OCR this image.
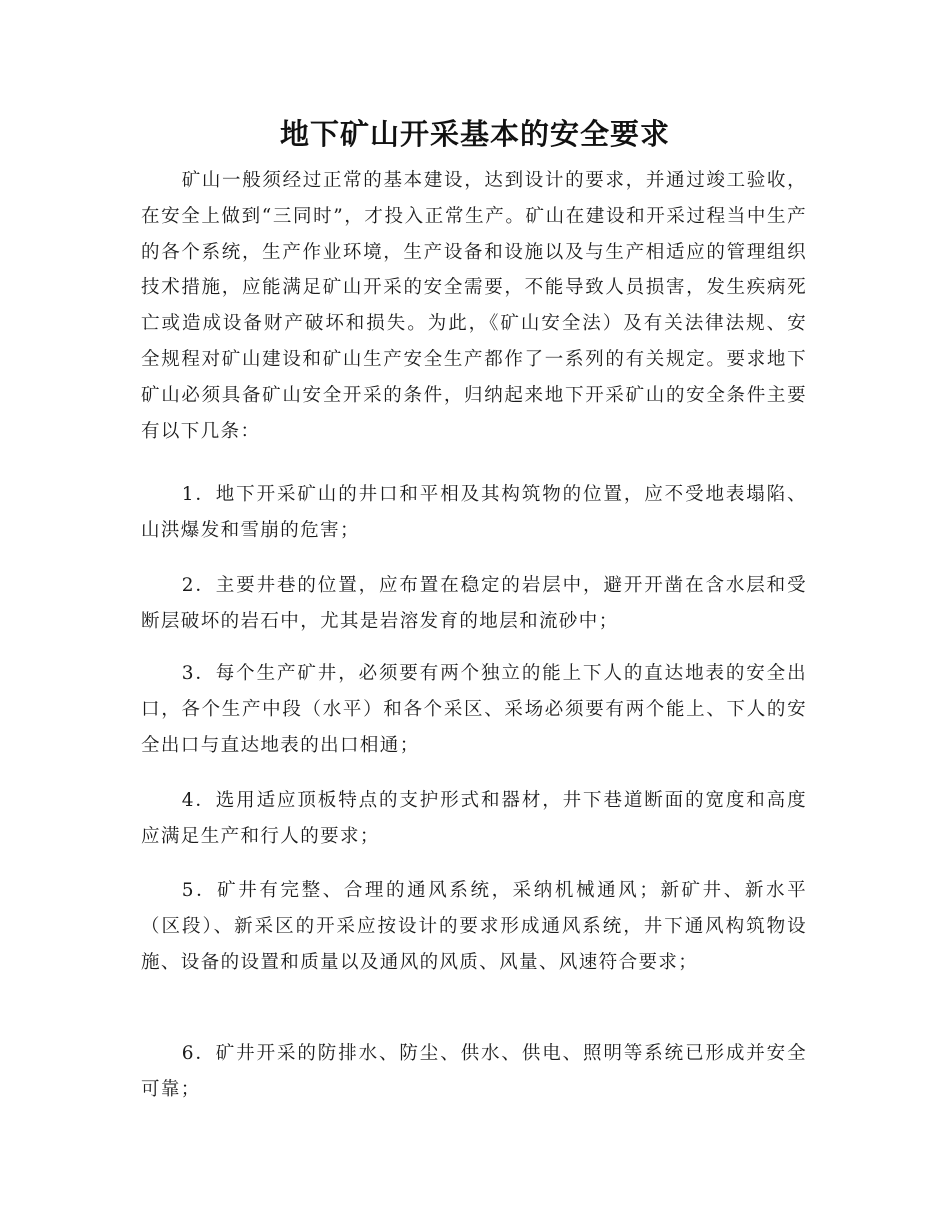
地下矿山开采基本的安全要求

矿山一般须经过正常的基本建设，达到设计的要求，并通过竣工验收，在安全上做到“三同时”，才投入正常生产。矿山在建设和开采过程当中生产的各个系统，生产作业环境，生产设备和设施以及与生产相适应的管理组织技术措施，应能满足矿山开采的安全需要，不能导致人员损害，发生疾病死亡或造成设备财产破坏和损失。为此，《矿山安全法）及有关法律法规、安全规程对矿山建设和矿山生产安全生产都作了一系列的有关规定。要求地下矿山必须具备矿山安全开采的条件，归纳起来地下开采矿山的安全条件主要有以下几条：

1．地下开采矿山的井口和平相及其构筑物的位置，应不受地表塌陷、山洪爆发和雪崩的危害；

2．主要井巷的位置，应布置在稳定的岩层中，避开开凿在含水层和受断层破坏的岩石中，尤其是岩溶发育的地层和流砂中；

3．每个生产矿井，必须要有两个独立的能上下人的直达地表的安全出口，各个生产中段（水平）和各个采区、采场必须要有两个能上、下人的安全出口与直达地表的出口相通；

4．选用适应顶板特点的支护形式和器材，井下巷道断面的宽度和高度应满足生产和行人的要求；

5．矿井有完整、合理的通风系统，采纳机械通风；新矿井、新水平（区段）、新采区的开采应按设计的要求形成通风系统，井下通风构筑物设施、设备的设置和质量以及通风的风质、风量、风速符合要求；

6．矿井开采的防排水、防尘、供水、供电、照明等系统已形成并安全可靠；
